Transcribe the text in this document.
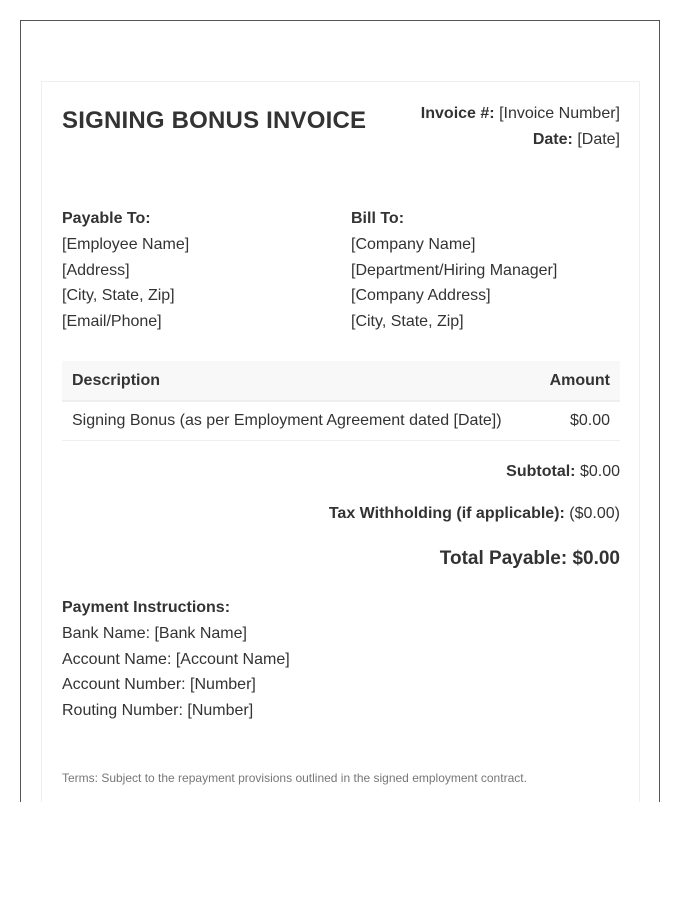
SIGNING BONUS INVOICE	Invoice #: [Invoice Number]
Date: [Date]
Payable To:
[Employee Name]
[Address]
[City, State, Zip]
[Email/Phone]
Bill To:
[Company Name]
[Department/Hiring Manager]
[Company Address]
[City, State, Zip]
Description	Amount
Signing Bonus (as per Employment Agreement dated [Date])	$0.00
Subtotal: $0.00
Tax Withholding (if applicable): ($0.00)
Total Payable: $0.00
Payment Instructions:
Bank Name: [Bank Name]
Account Name: [Account Name]
Account Number: [Number]
Routing Number: [Number]
Terms: Subject to the repayment provisions outlined in the signed employment contract.
